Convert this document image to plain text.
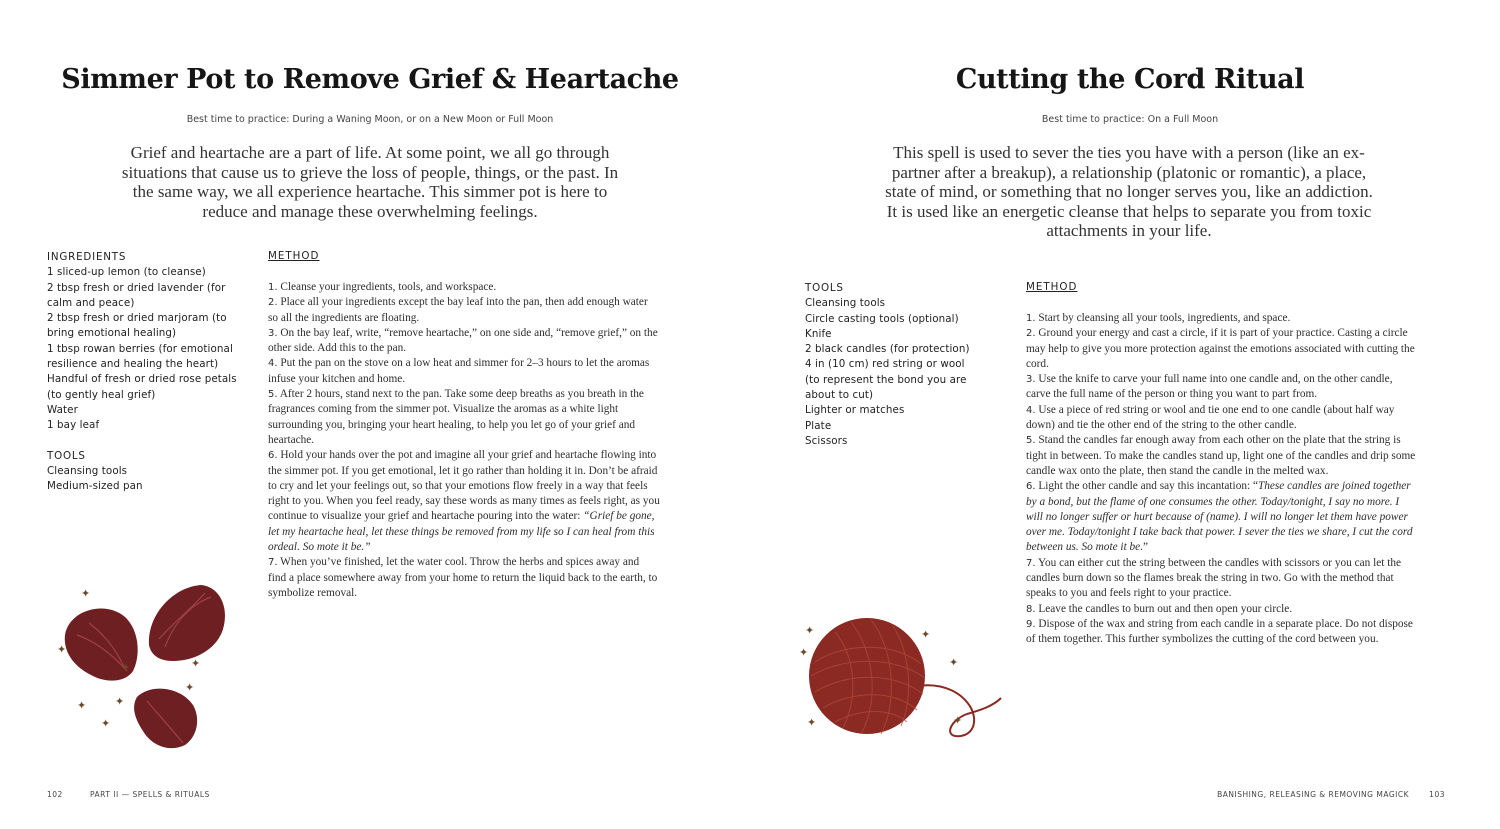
Simmer Pot to Remove Grief & Heartache
Best time to practice: During a Waning Moon, or on a New Moon or Full Moon
Grief and heartache are a part of life. At some point, we all go through situations that cause us to grieve the loss of people, things, or the past. In the same way, we all experience heartache. This simmer pot is here to reduce and manage these overwhelming feelings.
INGREDIENTS
1 sliced-up lemon (to cleanse)
2 tbsp fresh or dried lavender (for
calm and peace)
2 tbsp fresh or dried marjoram (to
bring emotional healing)
1 tbsp rowan berries (for emotional
resilience and healing the heart)
Handful of fresh or dried rose petals
(to gently heal grief)
Water
1 bay leaf
TOOLS
Cleansing tools
Medium-sized pan
METHOD

1. Cleanse your ingredients, tools, and workspace.

2. Place all your ingredients except the bay leaf into the pan, then add enough water so all the ingredients are floating.

3. On the bay leaf, write, “remove heartache,” on one side and, “remove grief,” on the other side. Add this to the pan.

4. Put the pan on the stove on a low heat and simmer for 2–3 hours to let the aromas infuse your kitchen and home.

5. After 2 hours, stand next to the pan. Take some deep breaths as you breath in the fragrances coming from the simmer pot. Visualize the aromas as a white light surrounding you, bringing your heart healing, to help you let go of your grief and heartache.

6. Hold your hands over the pot and imagine all your grief and heartache flowing into the simmer pot. If you get emotional, let it go rather than holding it in. Don’t be afraid to cry and let your feelings out, so that your emotions flow freely in a way that feels right to you. When you feel ready, say these words as many times as feels right, as you continue to visualize your grief and heartache pouring into the water: “Grief be gone, let my heartache heal, let these things be removed from my life so I can heal from this ordeal. So mote it be.”

7. When you’ve finished, let the water cool. Throw the herbs and spices away and find a place somewhere away from your home to return the liquid back to the earth, to symbolize removal.

✦
✦
✦	✦
✦
✦
✦
✦
102	PART II — SPELLS & RITUALS
Cutting the Cord Ritual
Best time to practice: On a Full Moon
This spell is used to sever the ties you have with a person (like an ex-partner after a breakup), a relationship (platonic or romantic), a place, state of mind, or something that no longer serves you, like an addiction. It is used like an energetic cleanse that helps to separate you from toxic attachments in your life.
TOOLS
Cleansing tools
Circle casting tools (optional)
Knife
2 black candles (for protection)
4 in (10 cm) red string or wool
(to represent the bond you are
about to cut)
Lighter or matches
Plate
Scissors
METHOD

1. Start by cleansing all your tools, ingredients, and space.

2. Ground your energy and cast a circle, if it is part of your practice. Casting a circle may help to give you more protection against the emotions associated with cutting the cord.

3. Use the knife to carve your full name into one candle and, on the other candle, carve the full name of the person or thing you want to part from.

4. Use a piece of red string or wool and tie one end to one candle (about half way down) and tie the other end of the string to the other candle.

5. Stand the candles far enough away from each other on the plate that the string is tight in between. To make the candles stand up, light one of the candles and drip some candle wax onto the plate, then stand the candle in the melted wax.

6. Light the other candle and say this incantation: “These candles are joined together by a bond, but the flame of one consumes the other. Today/tonight, I say no more. I will no longer suffer or hurt because of (name). I will no longer let them have power over me. Today/tonight I take back that power. I sever the ties we share, I cut the cord between us. So mote it be.”

7. You can either cut the string between the candles with scissors or you can let the candles burn down so the flames break the string in two. Go with the method that speaks to you and feels right to your practice.

8. Leave the candles to burn out and then open your circle.

9. Dispose of the wax and string from each candle in a separate place. Do not dispose of them together. This further symbolizes the cutting of the cord between you.

✦
✦
✦
✦
✦
✦
BANISHING, RELEASING & REMOVING MAGICK	103
